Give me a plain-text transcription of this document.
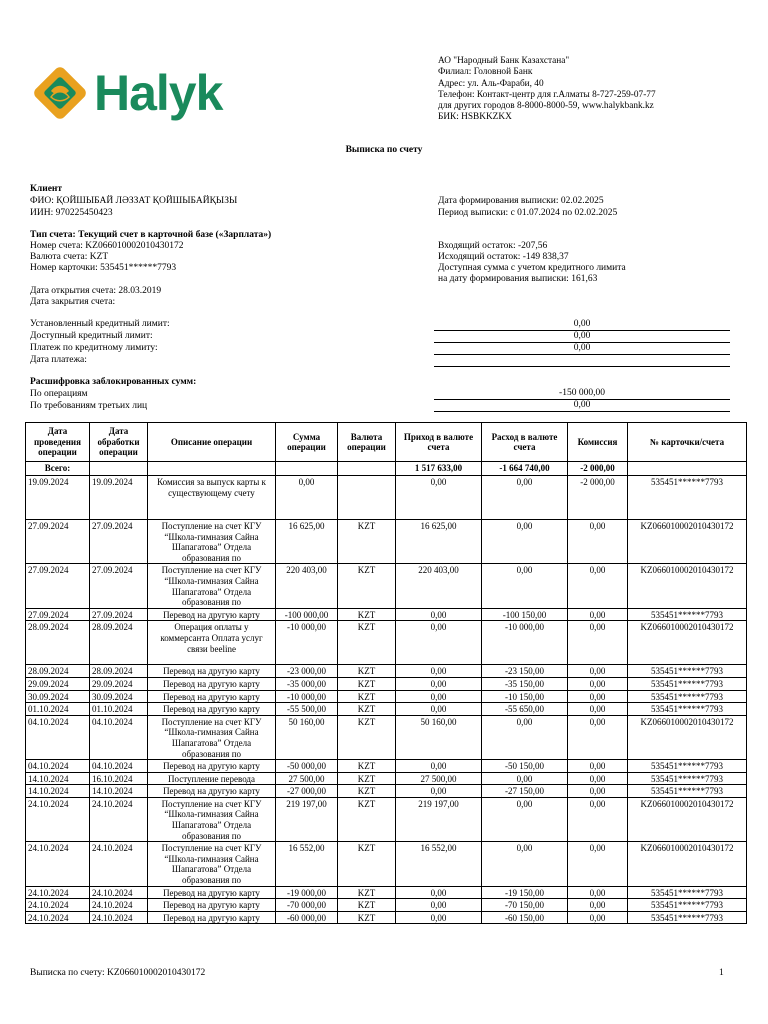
Halyk
АО "Народный Банк Казахстана"
Филиал: Головной Банк
Адрес: ул. Аль-Фараби, 40
Телефон: Контакт-центр для г.Алматы 8-727-259-07-77
для других городов 8-8000-8000-59, www.halykbank.kz
БИК: HSBKKZKX
Выписка по счету
Клиент
ФИО: ҚОЙШЫБАЙ ЛӘЗЗАТ ҚОЙШЫБАЙҚЫЗЫ
ИИН: 970225450423
Дата формирования выписки: 02.02.2025
Период выписки: с 01.07.2024 по 02.02.2025
Тип счета: Текущий счет в карточной базе («Зарплата»)
Номер счета: KZ066010002010430172
Валюта счета: KZT
Номер карточки: 535451******7793
Входящий остаток: -207,56
Исходящий остаток: -149 838,37
Доступная сумма с учетом кредитного лимита
на дату формирования выписки: 161,63
Дата открытия счета: 28.03.2019
Дата закрытия счета:
Установленный кредитный лимит:	0,00
Доступный кредитный лимит:	0,00
Платеж по кредитному лимиту:	0,00
Дата платежа:
Расшифровка заблокированных сумм:
По операциям	-150 000,00
По требованиям третьих лиц	0,00
Дата проведения операции	Дата обработки операции	Описание операции	Сумма операции	Валюта операции	Приход в валюте счета	Расход в валюте счета	Комиссия	№ карточки/счета
Всего:					1 517 633,00	-1 664 740,00	-2 000,00	
19.09.2024	19.09.2024	Комиссия за выпуск карты к существующему счету	0,00		0,00	0,00	-2 000,00	535451******7793
27.09.2024	27.09.2024	Поступление на счет КГУ “Школа-гимназия Сайна Шапагатова” Отдела образования по	16 625,00	KZT	16 625,00	0,00	0,00	KZ066010002010430172
27.09.2024	27.09.2024	Поступление на счет КГУ “Школа-гимназия Сайна Шапагатова” Отдела образования по	220 403,00	KZT	220 403,00	0,00	0,00	KZ066010002010430172
27.09.2024	27.09.2024	Перевод на другую карту	-100 000,00	KZT	0,00	-100 150,00	0,00	535451******7793
28.09.2024	28.09.2024	Операция оплаты у коммерсанта Оплата услуг связи beeline	-10 000,00	KZT	0,00	-10 000,00	0,00	KZ066010002010430172
28.09.2024	28.09.2024	Перевод на другую карту	-23 000,00	KZT	0,00	-23 150,00	0,00	535451******7793
29.09.2024	29.09.2024	Перевод на другую карту	-35 000,00	KZT	0,00	-35 150,00	0,00	535451******7793
30.09.2024	30.09.2024	Перевод на другую карту	-10 000,00	KZT	0,00	-10 150,00	0,00	535451******7793
01.10.2024	01.10.2024	Перевод на другую карту	-55 500,00	KZT	0,00	-55 650,00	0,00	535451******7793
04.10.2024	04.10.2024	Поступление на счет КГУ “Школа-гимназия Сайна Шапагатова” Отдела образования по	50 160,00	KZT	50 160,00	0,00	0,00	KZ066010002010430172
04.10.2024	04.10.2024	Перевод на другую карту	-50 000,00	KZT	0,00	-50 150,00	0,00	535451******7793
14.10.2024	16.10.2024	Поступление перевода	27 500,00	KZT	27 500,00	0,00	0,00	535451******7793
14.10.2024	14.10.2024	Перевод на другую карту	-27 000,00	KZT	0,00	-27 150,00	0,00	535451******7793
24.10.2024	24.10.2024	Поступление на счет КГУ “Школа-гимназия Сайна Шапагатова” Отдела образования по	219 197,00	KZT	219 197,00	0,00	0,00	KZ066010002010430172
24.10.2024	24.10.2024	Поступление на счет КГУ “Школа-гимназия Сайна Шапагатова” Отдела образования по	16 552,00	KZT	16 552,00	0,00	0,00	KZ066010002010430172
24.10.2024	24.10.2024	Перевод на другую карту	-19 000,00	KZT	0,00	-19 150,00	0,00	535451******7793
24.10.2024	24.10.2024	Перевод на другую карту	-70 000,00	KZT	0,00	-70 150,00	0,00	535451******7793
24.10.2024	24.10.2024	Перевод на другую карту	-60 000,00	KZT	0,00	-60 150,00	0,00	535451******7793
Выписка по счету: KZ066010002010430172	1
